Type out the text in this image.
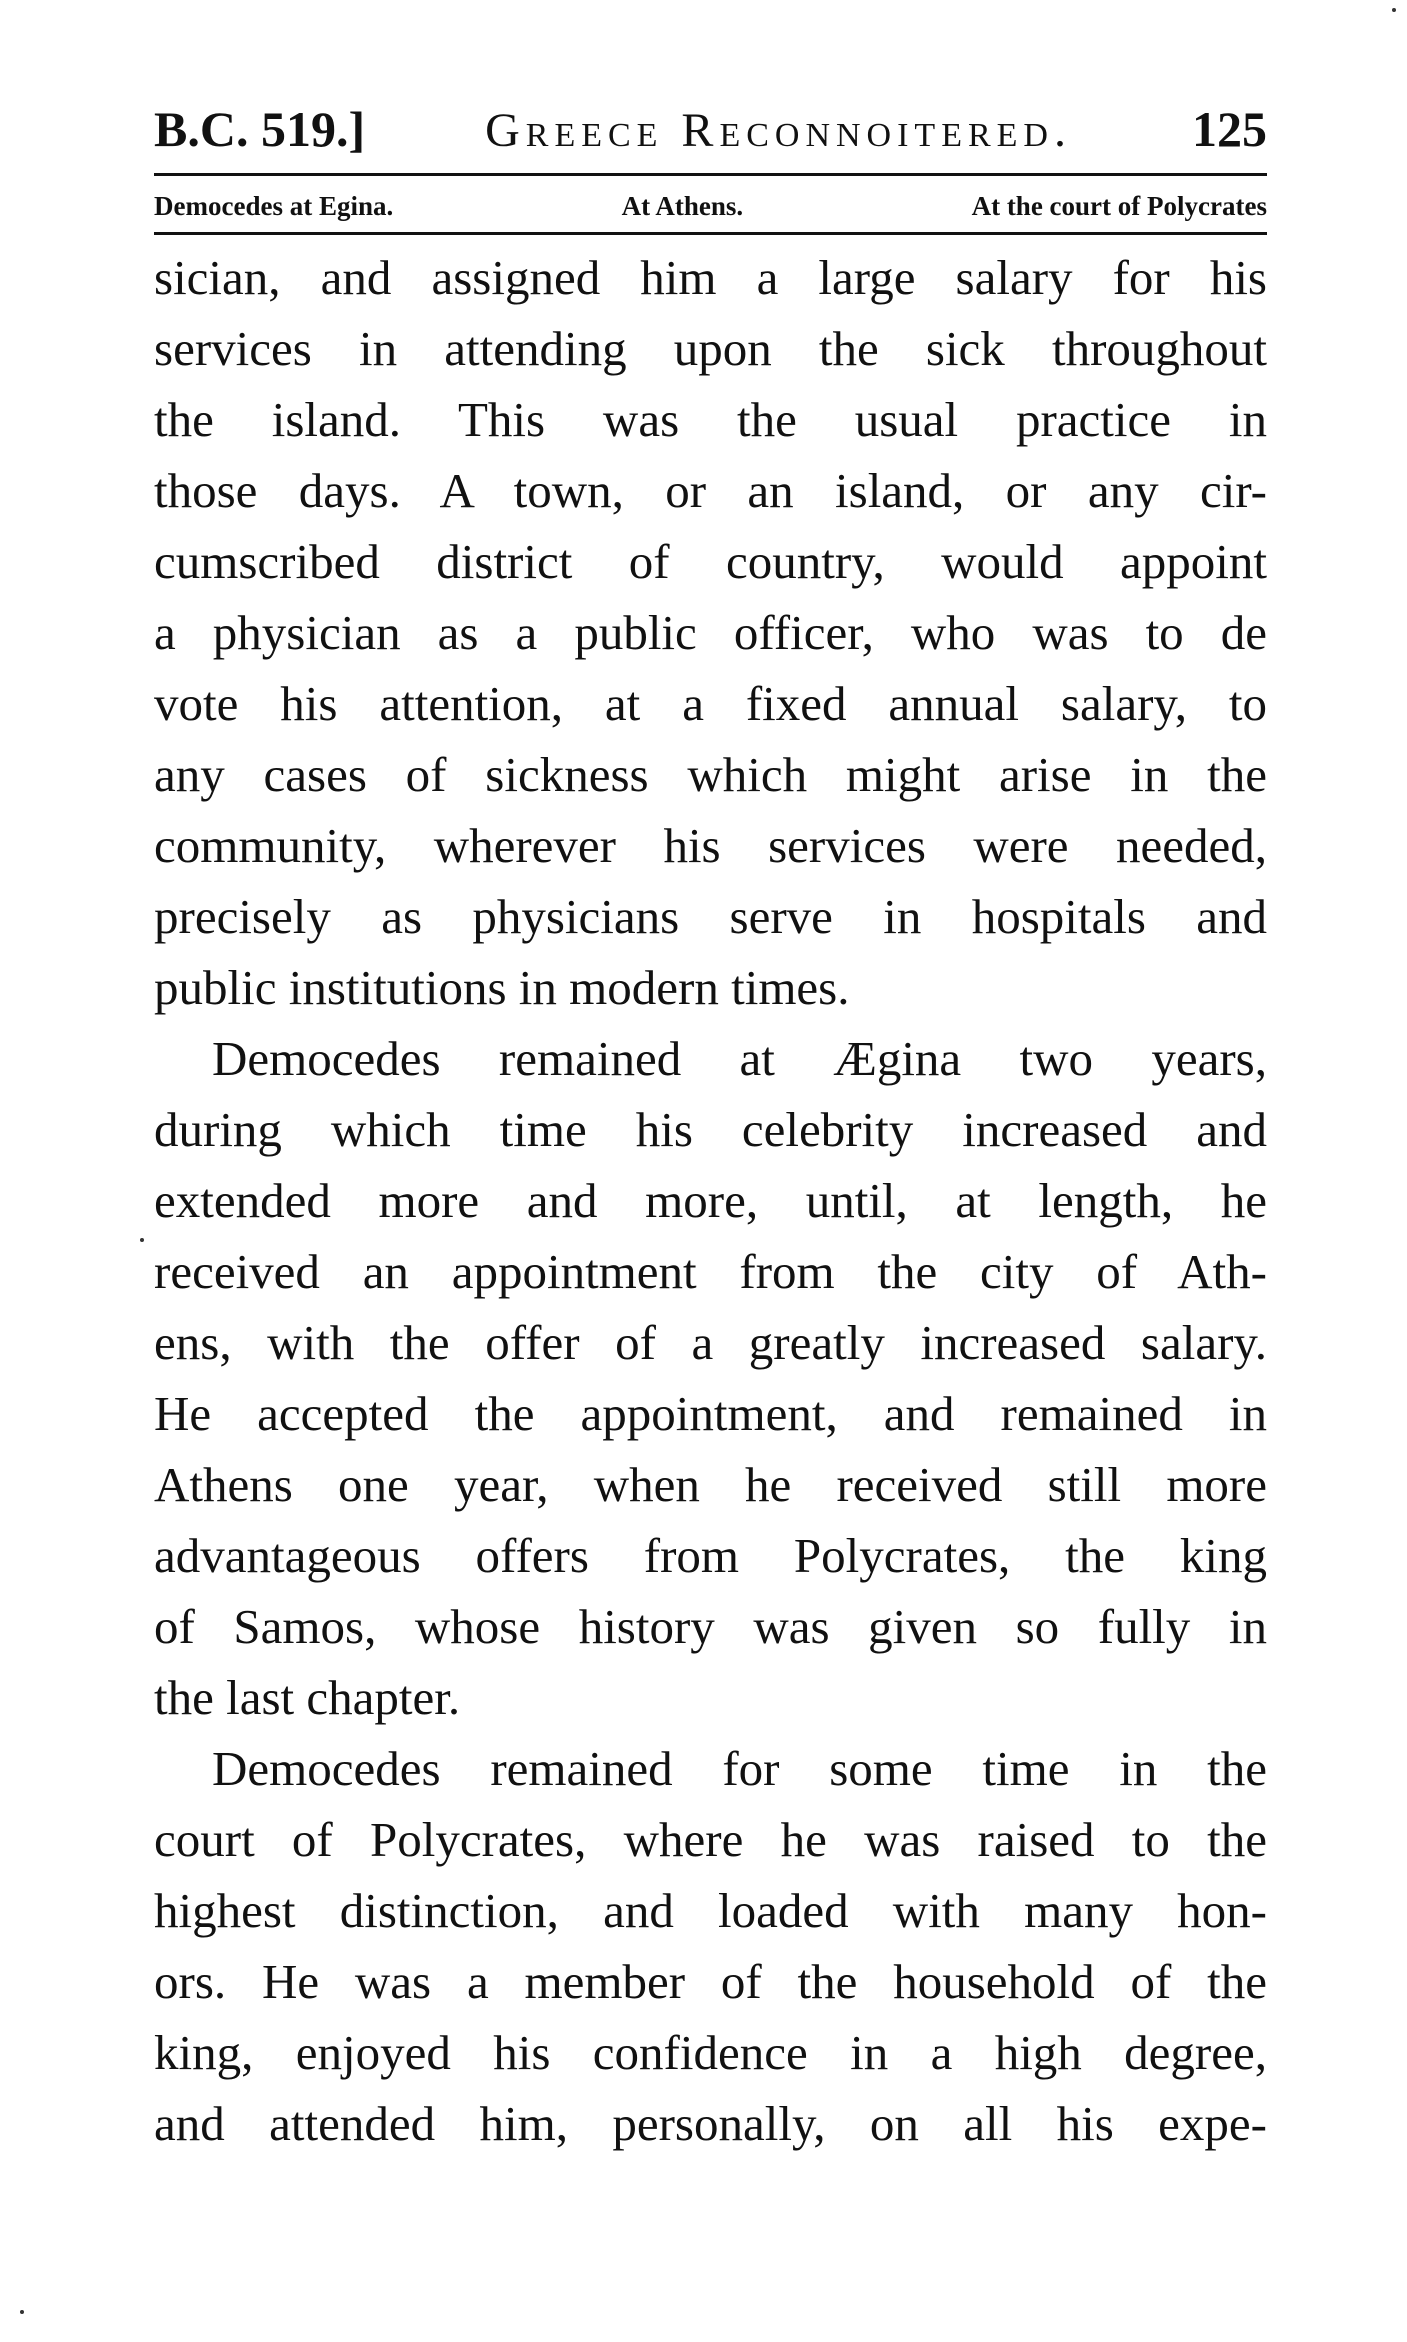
B.C. 519.]	Greece Reconnoitered. 125
Democedes at Egina.	At Athens.	At the court of Polycrates
sician, and assigned him a large salary for his
services in attending upon the sick throughout
the island. This was the usual practice in
those days. A town, or an island, or any cir-
cumscribed district of country, would appoint
a physician as a public officer, who was to de
vote his attention, at a fixed annual salary, to
any cases of sickness which might arise in the
community, wherever his services were needed,
precisely as physicians serve in hospitals and
public institutions in modern times.
Democedes remained at Ægina two years,
during which time his celebrity increased and
extended more and more, until, at length, he
received an appointment from the city of Ath-
ens, with the offer of a greatly increased salary.
He accepted the appointment, and remained in
Athens one year, when he received still more
advantageous offers from Polycrates, the king
of Samos, whose history was given so fully in
the last chapter.
Democedes remained for some time in the
court of Polycrates, where he was raised to the
highest distinction, and loaded with many hon-
ors. He was a member of the household of the
king, enjoyed his confidence in a high degree,
and attended him, personally, on all his expe-
